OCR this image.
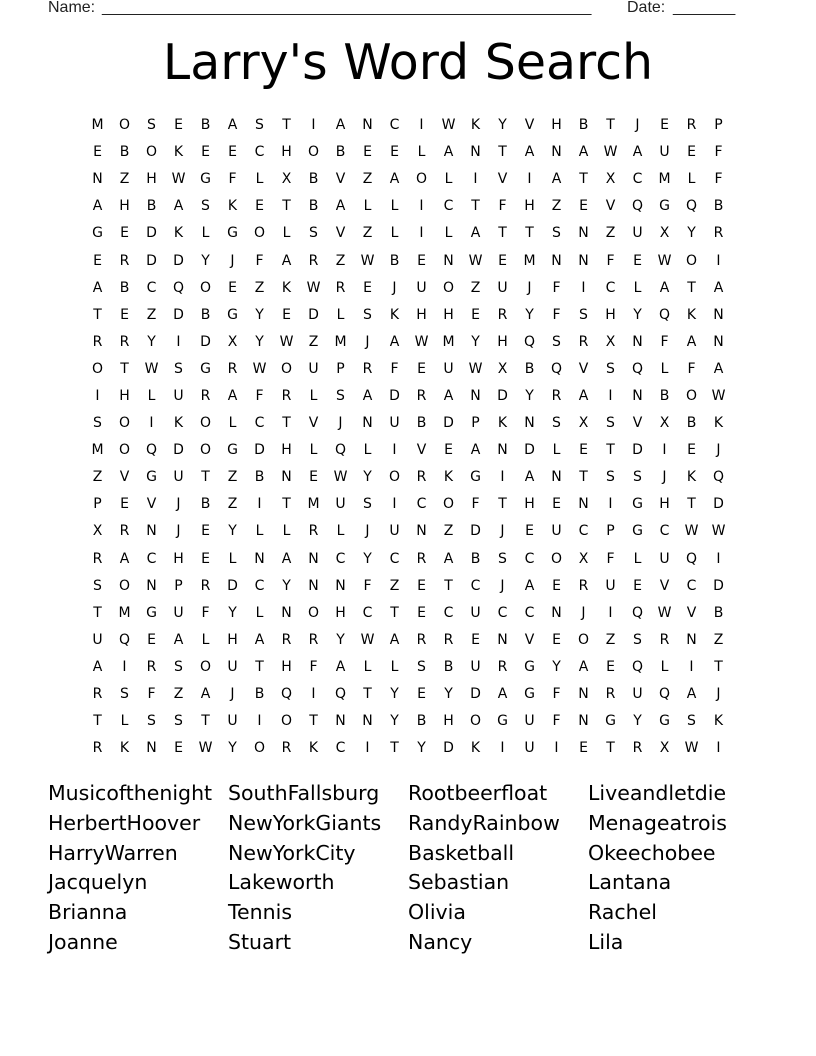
Name: _______________________________________________________ Date: _______
Larry's Word Search
M	O	S	E	B	A	S	T	I	A	N	C	I	W	K	Y	V	H	B	T	J	E	R	P
E	B	O	K	E	E	C	H	O	B	E	E	L	A	N	T	A	N	A	W	A	U	E	F
N	Z	H	W	G	F	L	X	B	V	Z	A	O	L	I	V	I	A	T	X	C	M	L	F
A	H	B	A	S	K	E	T	B	A	L	L	I	C	T	F	H	Z	E	V	Q	G	Q	B
G	E	D	K	L	G	O	L	S	V	Z	L	I	L	A	T	T	S	N	Z	U	X	Y	R
E	R	D	D	Y	J	F	A	R	Z	W	B	E	N	W	E	M	N	N	F	E	W	O	I
A	B	C	Q	O	E	Z	K	W	R	E	J	U	O	Z	U	J	F	I	C	L	A	T	A
T	E	Z	D	B	G	Y	E	D	L	S	K	H	H	E	R	Y	F	S	H	Y	Q	K	N
R	R	Y	I	D	X	Y	W	Z	M	J	A	W	M	Y	H	Q	S	R	X	N	F	A	N
O	T	W	S	G	R	W	O	U	P	R	F	E	U	W	X	B	Q	V	S	Q	L	F	A
I	H	L	U	R	A	F	R	L	S	A	D	R	A	N	D	Y	R	A	I	N	B	O	W
S	O	I	K	O	L	C	T	V	J	N	U	B	D	P	K	N	S	X	S	V	X	B	K
M	O	Q	D	O	G	D	H	L	Q	L	I	V	E	A	N	D	L	E	T	D	I	E	J
Z	V	G	U	T	Z	B	N	E	W	Y	O	R	K	G	I	A	N	T	S	S	J	K	Q
P	E	V	J	B	Z	I	T	M	U	S	I	C	O	F	T	H	E	N	I	G	H	T	D
X	R	N	J	E	Y	L	L	R	L	J	U	N	Z	D	J	E	U	C	P	G	C	W W
R	A	C	H	E	L	N	A	N	C	Y	C	R	A	B	S	C	O	X	F	L	U	Q	I
S	O	N	P	R	D	C	Y	N	N	F	Z	E	T	C	J	A	E	R	U	E	V	C	D
T	M	G	U	F	Y	L	N	O	H	C	T	E	C	U	C	C	N	J	I	Q	W	V	B
U	Q	E	A	L	H	A	R	R	Y	W	A	R	R	E	N	V	E	O	Z	S	R	N	Z
A	I	R	S	O	U	T	H	F	A	L	L	S	B	U	R	G	Y	A	E	Q	L	I	T
R	S	F	Z	A	J	B	Q	I	Q	T	Y	E	Y	D	A	G	F	N	R	U	Q	A	J
T	L	S	S	T	U	I	O	T	N	N	Y	B	H	O	G	U	F	N	G	Y	G	S	K
R	K	N	E	W	Y	O	R	K	C	I	T	Y	D	K	I	U	I	E	T	R	X	W	I
Musicofthenight SouthFallsburg	Rootbeerfloat	Liveandletdie
HerbertHoover	NewYorkGiants	RandyRainbow	Menageatrois
HarryWarren	NewYorkCity	Basketball	Okeechobee
Jacquelyn	Lakeworth	Sebastian	Lantana
Brianna	Tennis	Olivia	Rachel
Joanne	Stuart	Nancy	Lila
